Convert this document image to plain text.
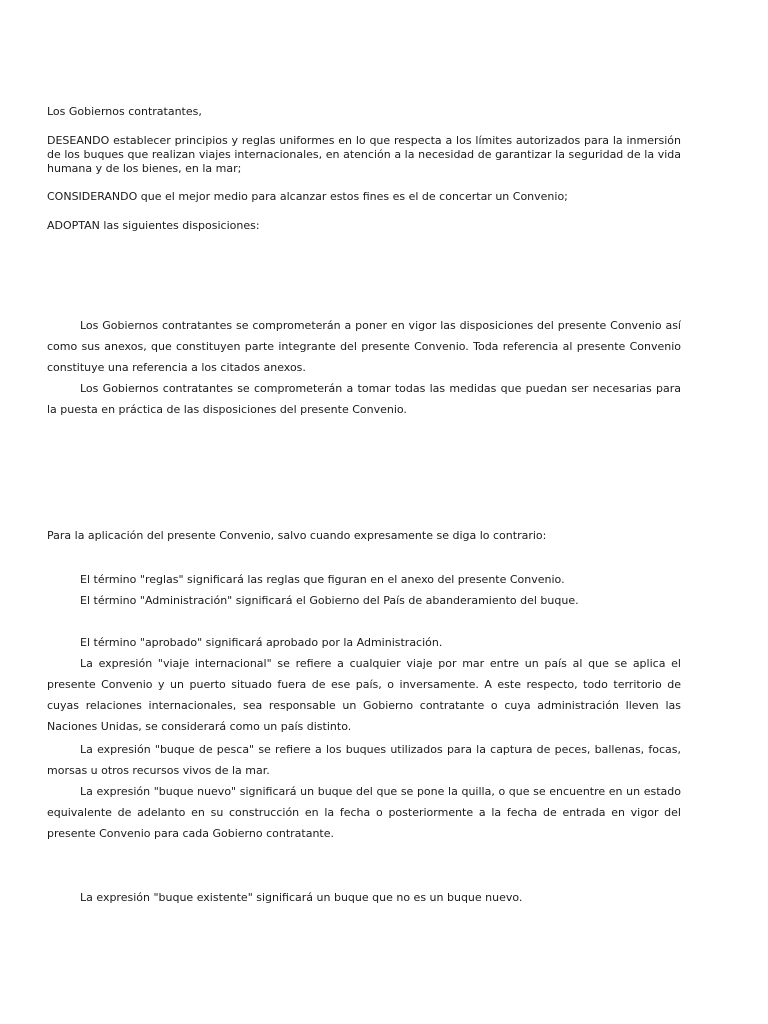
Los Gobiernos contratantes,

DESEANDO establecer principios y reglas uniformes en lo que respecta a los límites autorizados para la inmersión de los buques que realizan viajes internacionales, en atención a la necesidad de garantizar la seguridad de la vida humana y de los bienes, en la mar;

CONSIDERANDO que el mejor medio para alcanzar estos fines es el de concertar un Convenio;

ADOPTAN las siguientes disposiciones:

Los Gobiernos contratantes se comprometerán a poner en vigor las disposiciones del presente Convenio así como sus anexos, que constituyen parte integrante del presente Convenio. Toda referencia al presente Convenio constituye una referencia a los citados anexos.

Los Gobiernos contratantes se comprometerán a tomar todas las medidas que puedan ser necesarias para la puesta en práctica de las disposiciones del presente Convenio.

Para la aplicación del presente Convenio, salvo cuando expresamente se diga lo contrario:

El término "reglas" significará las reglas que figuran en el anexo del presente Convenio.

El término "Administración" significará el Gobierno del País de abanderamiento del buque.

El término "aprobado" significará aprobado por la Administración.

La expresión "viaje internacional" se refiere a cualquier viaje por mar entre un país al que se aplica el presente Convenio y un puerto situado fuera de ese país, o inversamente. A este respecto, todo territorio de cuyas relaciones internacionales, sea responsable un Gobierno contratante o cuya administración lleven las Naciones Unidas, se considerará como un país distinto.

La expresión "buque de pesca" se refiere a los buques utilizados para la captura de peces, ballenas, focas, morsas u otros recursos vivos de la mar.

La expresión "buque nuevo" significará un buque del que se pone la quilla, o que se encuentre en un estado equivalente de adelanto en su construcción en la fecha o posteriormente a la fecha de entrada en vigor del presente Convenio para cada Gobierno contratante.

La expresión "buque existente" significará un buque que no es un buque nuevo.
